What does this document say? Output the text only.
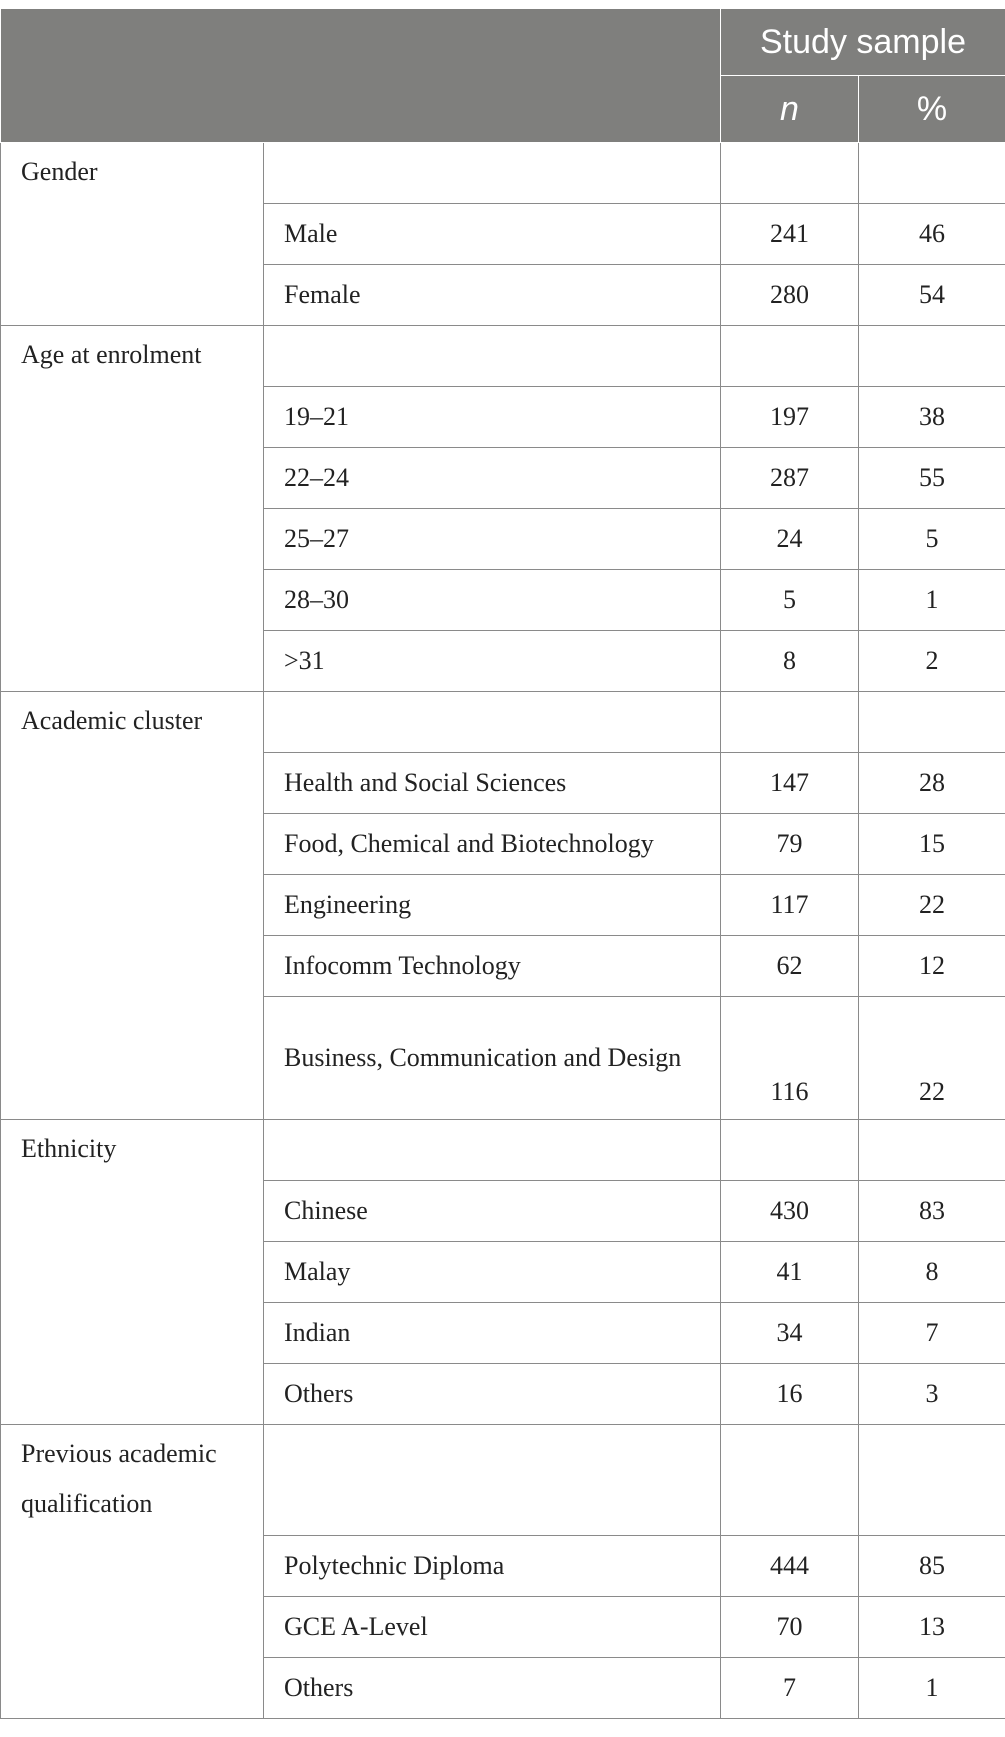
		Study sample	
		n	%
Gender			
	Male	241	46
	Female	280	54
Age at enrolment			
	19–21	197	38
	22–24	287	55
	25–27	24	5
	28–30	5	1
	>31	8	2
Academic cluster			
	Health and Social Sciences	147	28
	Food, Chemical and Biotechnology	79	15
	Engineering	117	22
	Infocomm Technology	62	12
	Business, Communication and Design	116	22
Ethnicity			
	Chinese	430	83
	Malay	41	8
	Indian	34	7
	Others	16	3
Previous academic qualification			
	Polytechnic Diploma	444	85
	GCE A-Level	70	13
	Others	7	1
